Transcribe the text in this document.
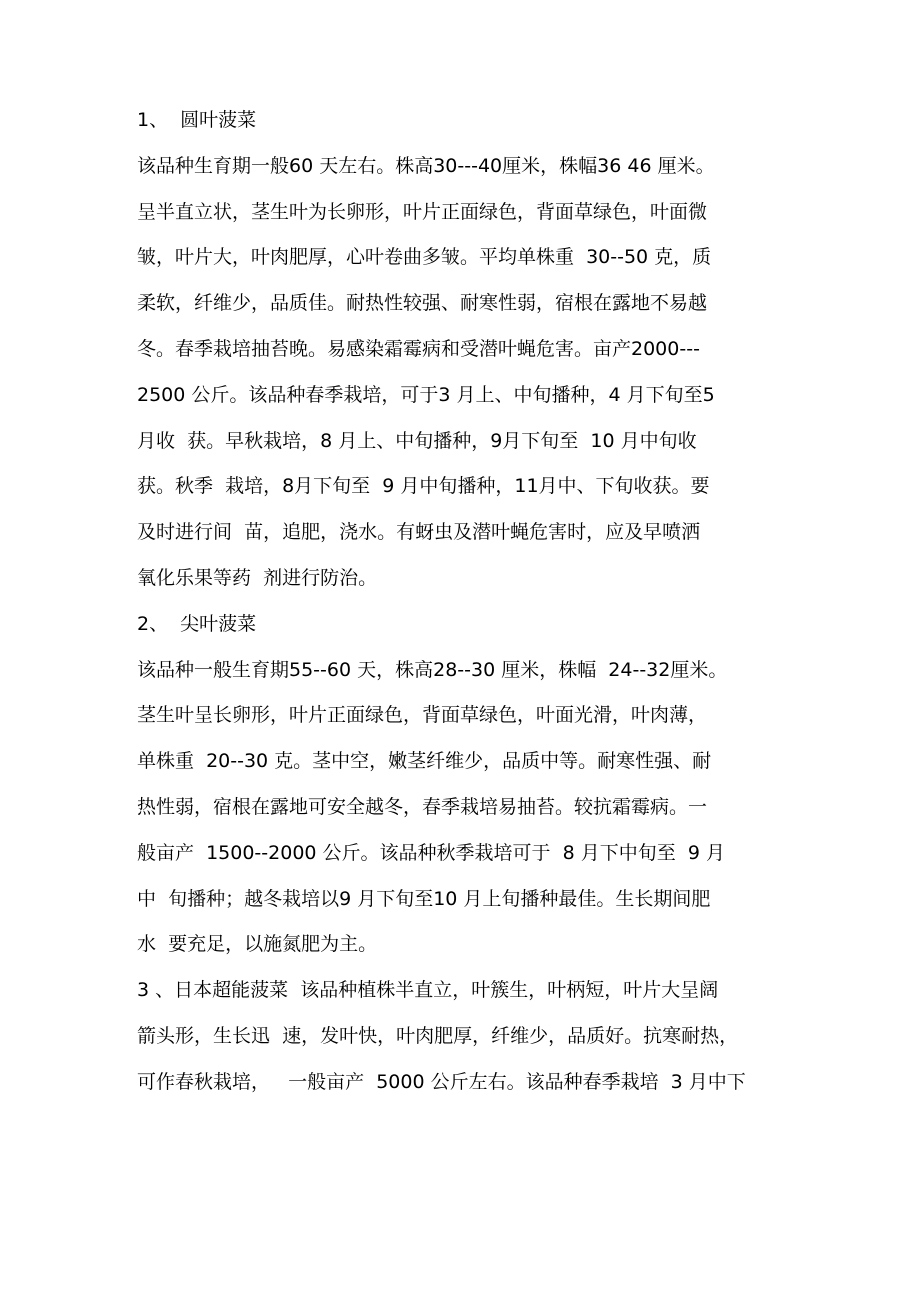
1、  圆叶菠菜
该品种生育期一般60 天左右。株高30---40厘米，株幅36 46 厘米。
呈半直立状，茎生叶为长卵形，叶片正面绿色，背面草绿色，叶面微
皱，叶片大，叶肉肥厚，心叶卷曲多皱。平均单株重  30--50 克，质
柔软，纤维少，品质佳。耐热性较强、耐寒性弱，宿根在露地不易越
冬。春季栽培抽苔晚。易感染霜霉病和受潜叶蝇危害。亩产2000---
2500 公斤。该品种春季栽培，可于3 月上、中旬播种，4 月下旬至5
月收  获。早秋栽培，8 月上、中旬播种，9月下旬至  10 月中旬收
获。秋季  栽培，8月下旬至  9 月中旬播种，11月中、下旬收获。要
及时进行间  苗，追肥，浇水。有蚜虫及潜叶蝇危害时，应及早喷洒
氧化乐果等药  剂进行防治。
2、  尖叶菠菜
该品种一般生育期55--60 天，株高28--30 厘米，株幅  24--32厘米。
茎生叶呈长卵形，叶片正面绿色，背面草绿色，叶面光滑，叶肉薄，
单株重  20--30 克。茎中空，嫩茎纤维少，品质中等。耐寒性强、耐
热性弱，宿根在露地可安全越冬，春季栽培易抽苔。较抗霜霉病。一
般亩产  1500--2000 公斤。该品种秋季栽培可于  8 月下中旬至  9 月
中  旬播种；越冬栽培以9 月下旬至10 月上旬播种最佳。生长期间肥
水  要充足，以施氮肥为主。
3 、日本超能菠菜  该品种植株半直立，叶簇生，叶柄短，叶片大呈阔
箭头形，生长迅  速，发叶快，叶肉肥厚，纤维少，品质好。抗寒耐热，
可作春秋栽培，   一般亩产  5000 公斤左右。该品种春季栽培  3 月中下
